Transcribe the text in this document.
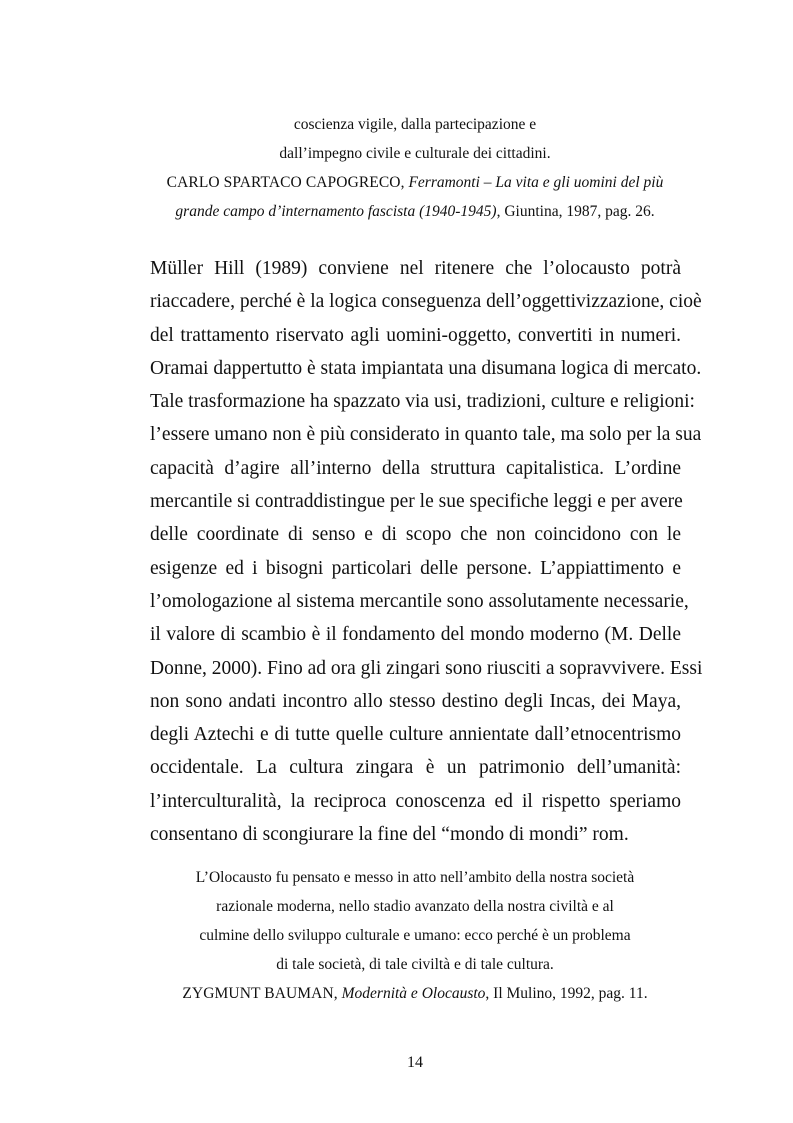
coscienza vigile, dalla partecipazione e
dall’impegno civile e culturale dei cittadini.
CARLO SPARTACO CAPOGRECO, Ferramonti – La vita e gli uomini del più
grande campo d’internamento fascista (1940-1945), Giuntina, 1987, pag. 26.
Müller Hill (1989) conviene nel ritenere che l’olocausto potrà
riaccadere, perché è la logica conseguenza dell’oggettivizzazione, cioè
del trattamento riservato agli uomini-oggetto, convertiti in numeri.
Oramai dappertutto è stata impiantata una disumana logica di mercato.
Tale trasformazione ha spazzato via usi, tradizioni, culture e religioni:
l’essere umano non è più considerato in quanto tale, ma solo per la sua
capacità d’agire all’interno della struttura capitalistica. L’ordine
mercantile si contraddistingue per le sue specifiche leggi e per avere
delle coordinate di senso e di scopo che non coincidono con le
esigenze ed i bisogni particolari delle persone. L’appiattimento e
l’omologazione al sistema mercantile sono assolutamente necessarie,
il valore di scambio è il fondamento del mondo moderno (M. Delle
Donne, 2000). Fino ad ora gli zingari sono riusciti a sopravvivere. Essi
non sono andati incontro allo stesso destino degli Incas, dei Maya,
degli Aztechi e di tutte quelle culture annientate dall’etnocentrismo
occidentale. La cultura zingara è un patrimonio dell’umanità:
l’interculturalità, la reciproca conoscenza ed il rispetto speriamo
consentano di scongiurare la fine del “mondo di mondi” rom.
L’Olocausto fu pensato e messo in atto nell’ambito della nostra società
razionale moderna, nello stadio avanzato della nostra civiltà e al
culmine dello sviluppo culturale e umano: ecco perché è un problema
di tale società, di tale civiltà e di tale cultura.
ZYGMUNT BAUMAN, Modernità e Olocausto, Il Mulino, 1992, pag. 11.
14
